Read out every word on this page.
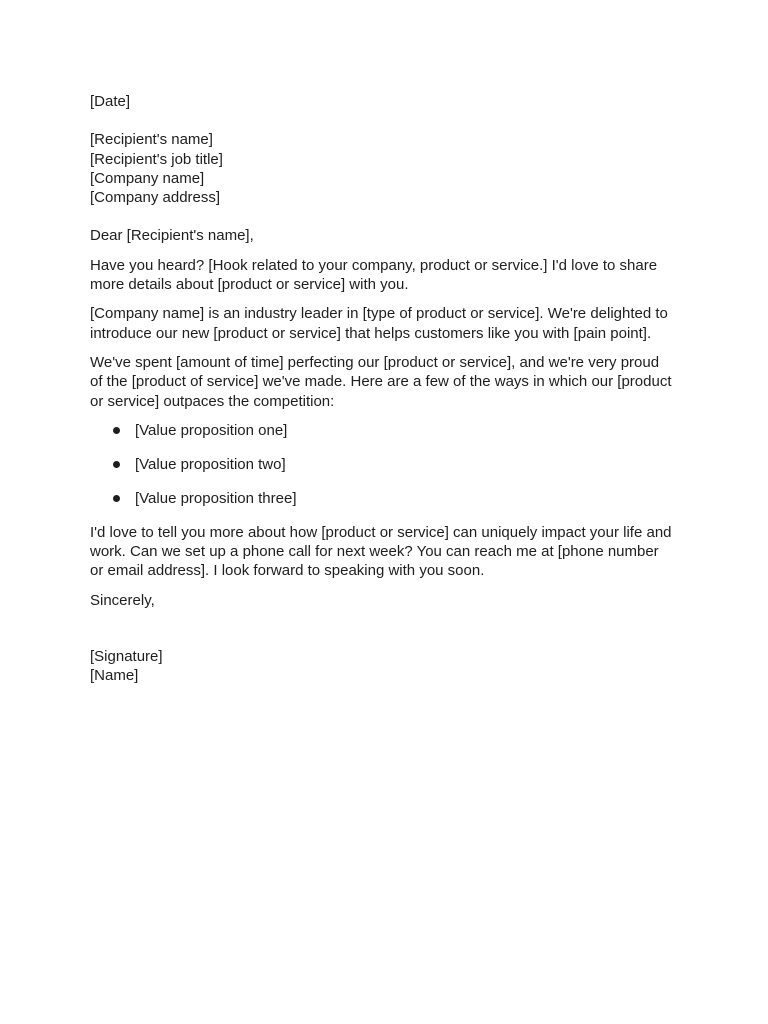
[Date]
[Recipient's name]
[Recipient's job title]
[Company name]
[Company address]
Dear [Recipient's name],

Have you heard? [Hook related to your company, product or service.] I'd love to share
more details about [product or service] with you.

[Company name] is an industry leader in [type of product or service]. We're delighted to
introduce our new [product or service] that helps customers like you with [pain point].

We've spent [amount of time] perfecting our [product or service], and we're very proud
of the [product of service] we've made. Here are a few of the ways in which our [product
or service] outpaces the competition:

[Value proposition one]
[Value proposition two]
[Value proposition three]

I'd love to tell you more about how [product or service] can uniquely impact your life and
work. Can we set up a phone call for next week? You can reach me at [phone number
or email address]. I look forward to speaking with you soon.

Sincerely,
[Signature]
[Name]
